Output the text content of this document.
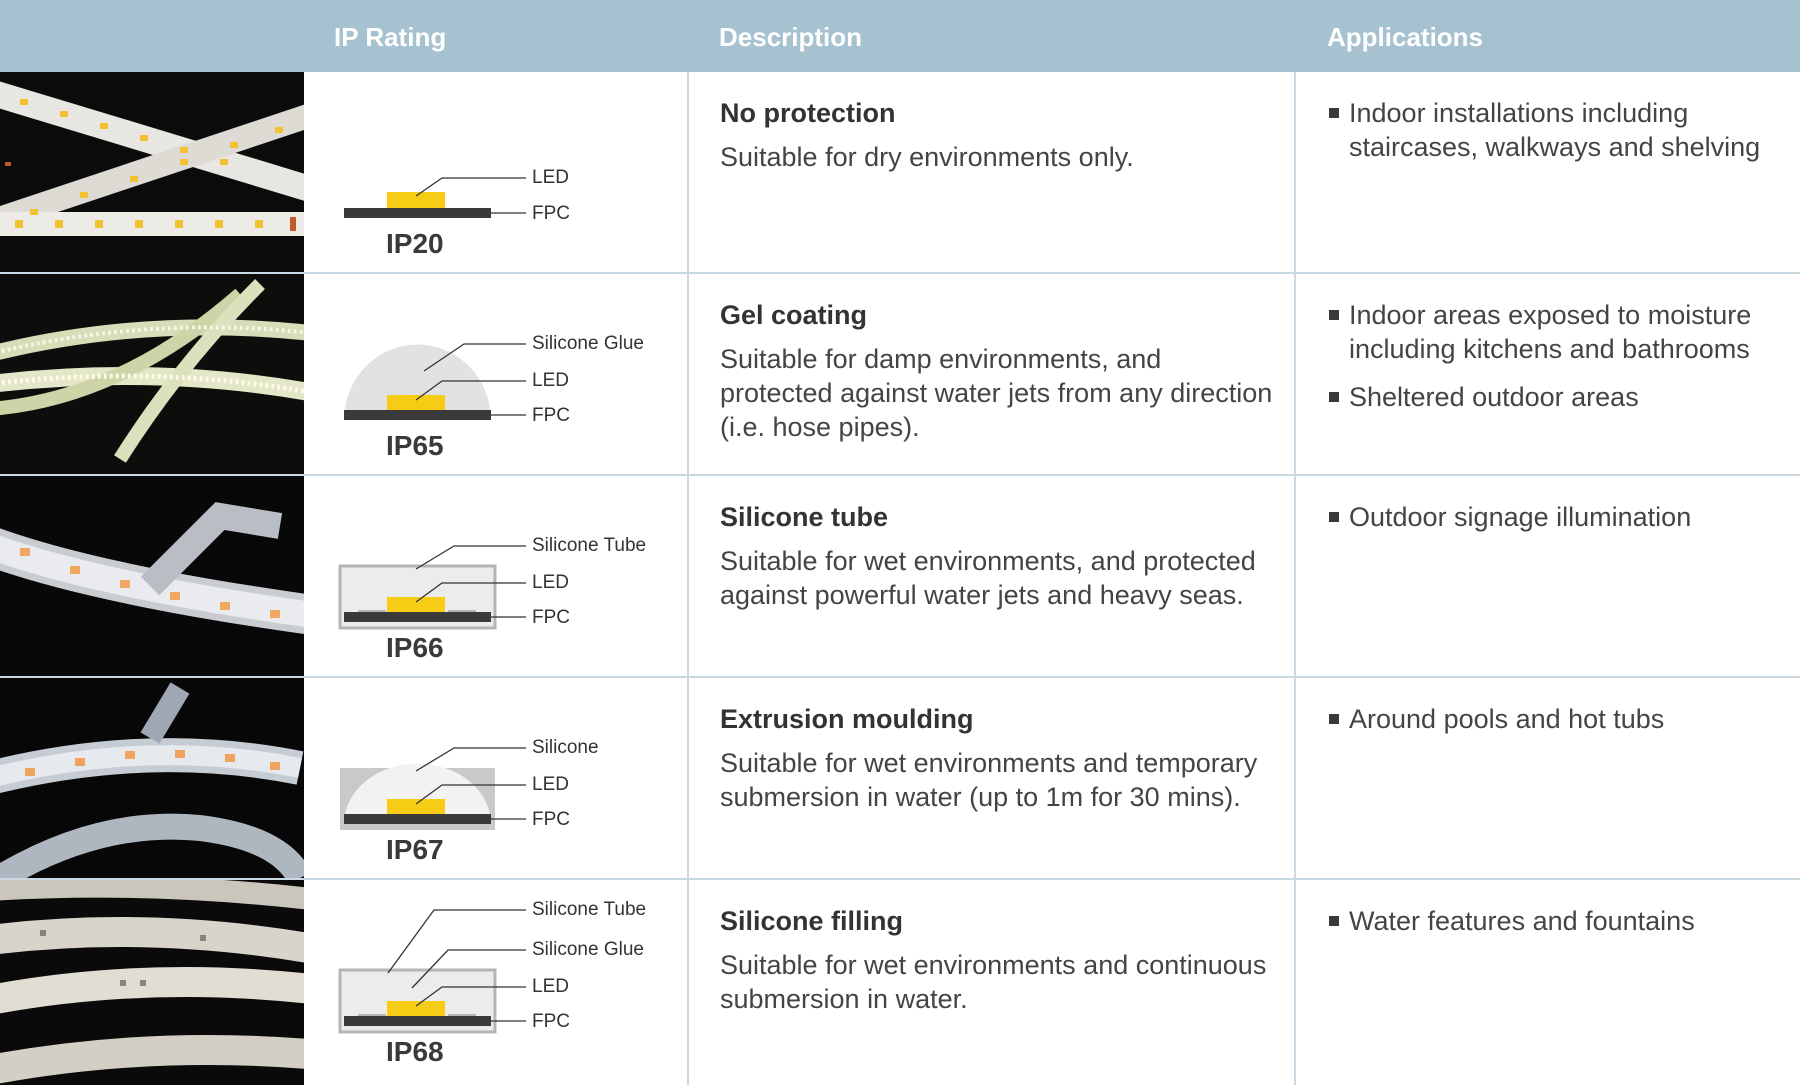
IP Rating	Description	Applications
LED
FPC
IP20
No protection
Suitable for dry environments only.
Indoor installations including staircases, walkways and shelving
Silicone Glue
LED
FPC
IP65
Gel coating
Suitable for damp environments, and protected against water jets from any direction (i.e. hose pipes).
Indoor areas exposed to moisture including kitchens and bathrooms
Sheltered outdoor areas
Silicone Tube
LED
FPC
IP66
Silicone tube
Suitable for wet environments, and protected against powerful water jets and heavy seas.
Outdoor signage illumination
Silicone
LED
FPC
IP67
Extrusion moulding
Suitable for wet environments and temporary submersion in water (up to 1m for 30 mins).
Around pools and hot tubs
Silicone Tube
Silicone Glue
LED
FPC
IP68
Silicone filling
Suitable for wet environments and continuous submersion in water.
Water features and fountains
